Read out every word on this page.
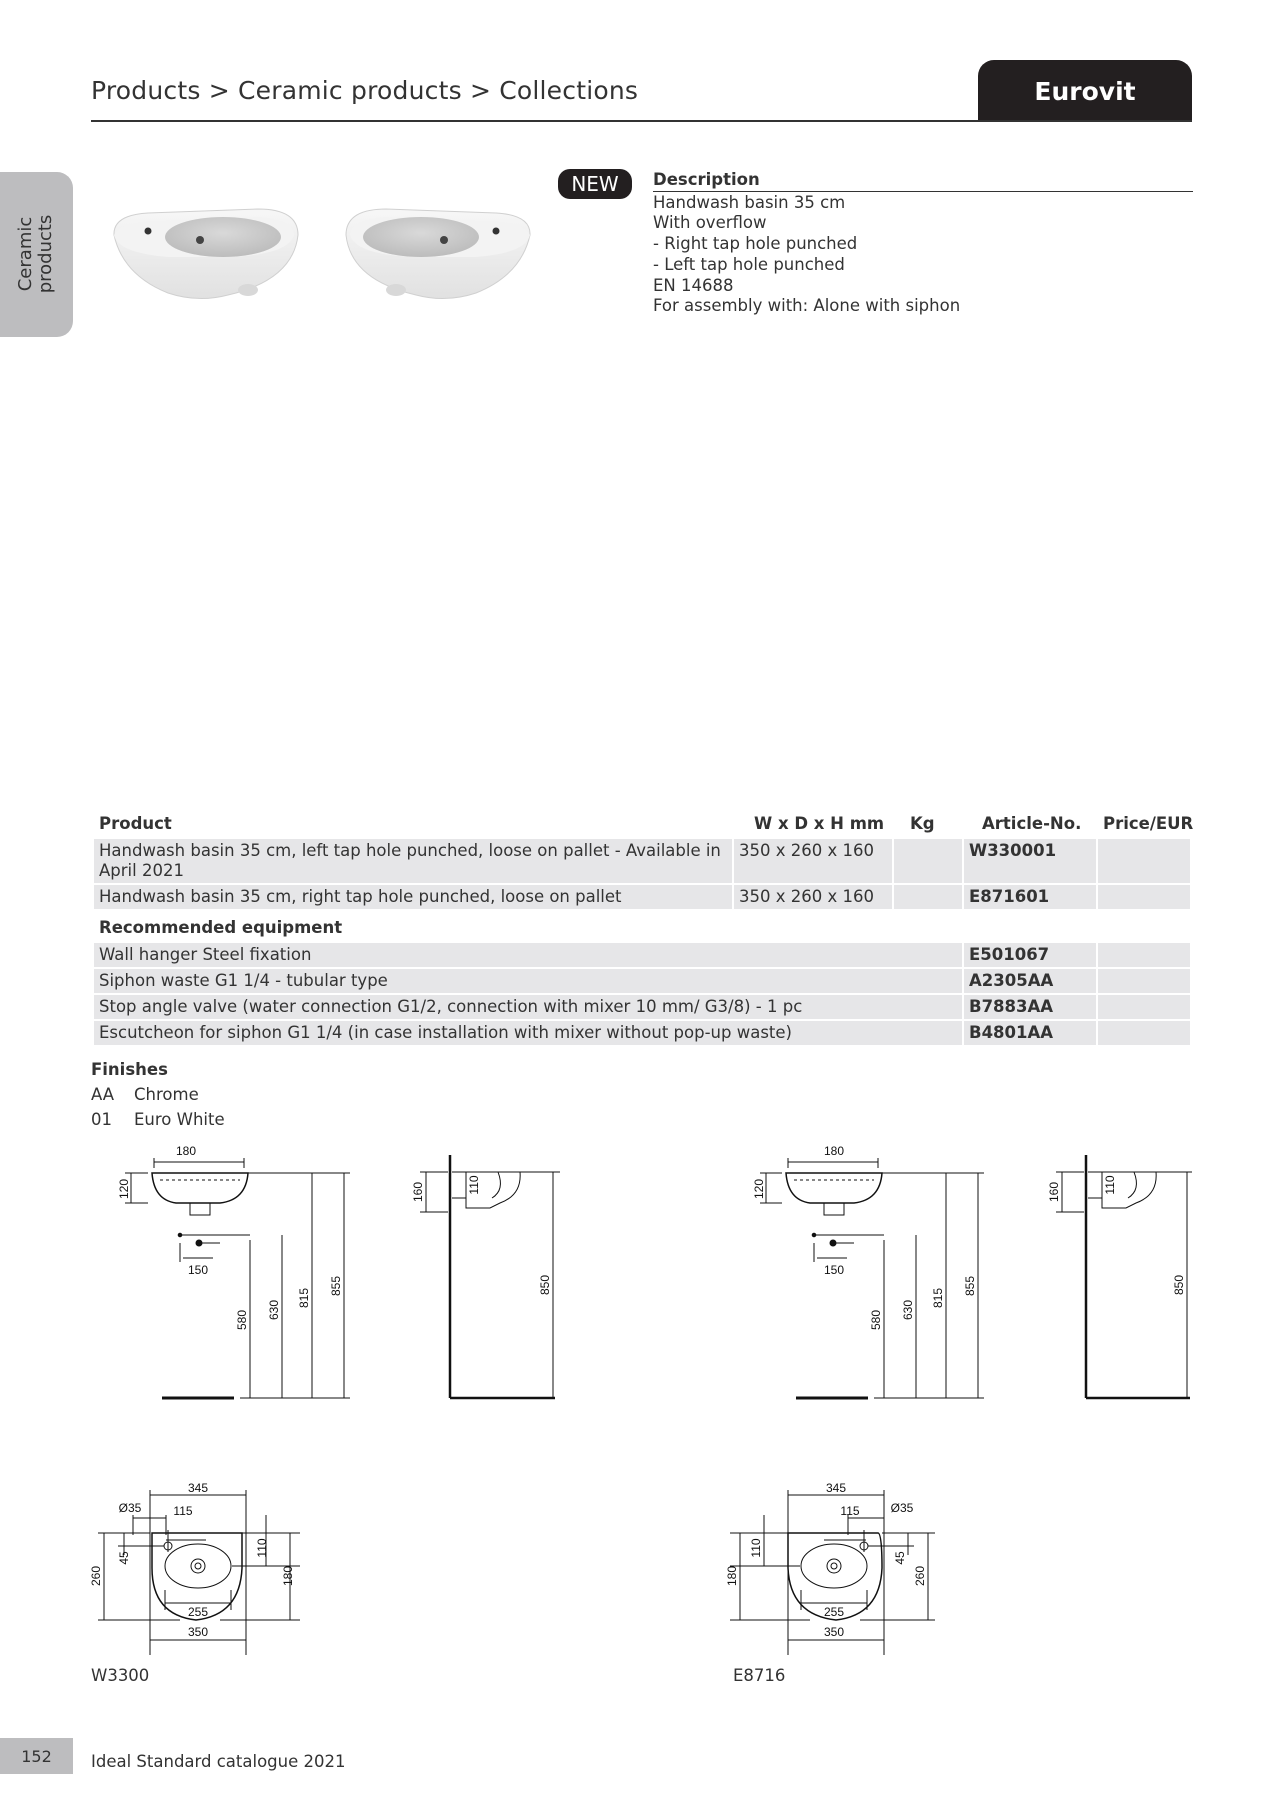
Products > Ceramic products > Collections	Eurovit
Ceramic products
NEW	Description
Handwash basin 35 cm
With overflow
- Right tap hole punched
- Left tap hole punched
EN 14688
For assembly with: Alone with siphon
Product	W x D x H mm	Kg	Article-No.	Price/EUR
Handwash basin 35 cm, left tap hole punched, loose on pallet - Available in April 2021	350 x 260 x 160		W330001	
Handwash basin 35 cm, right tap hole punched, loose on pallet	350 x 260 x 160		E871601	
Recommended equipment				
Wall hanger Steel fixation			E501067	
Siphon waste G1 1/4 - tubular type			A2305AA	
Stop angle valve (water connection G1/2, connection with mixer 10 mm/ G3/8) - 1 pc			B7883AA	
Escutcheon for siphon G1 1/4 (in case installation with mixer without pop-up waste)			B4801AA	
Finishes
AA Chrome
01 Euro White
180
120
150
580 630
815
855
160	110
850
345
Ø35	115
260
45
110
180
255
350
180
120
150
580 630
815
855
160	110
850
345
115	Ø35
110
180
45
260
255
350
W3300	E8716
152	Ideal Standard catalogue 2021
